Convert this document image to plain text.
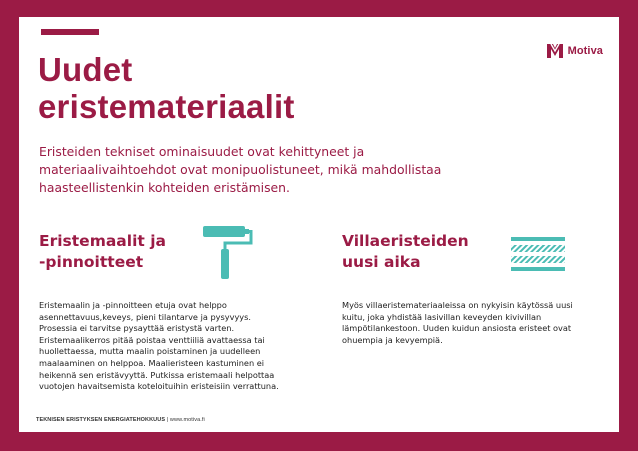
Motiva
Uudet
eristemateriaalit

Eristeiden tekniset ominaisuudet ovat kehittyneet ja materiaalivaihtoehdot ovat monipuolistuneet, mikä mahdollistaa haasteellistenkin kohteiden eristämisen.

Eristemaalit ja
-pinnoitteet

Eristemaalin ja -pinnoitteen etuja ovat helppo asennettavuus,keveys, pieni tilantarve ja pysyvyys. Prosessia ei tarvitse pysayttää eristystä varten. Eristemaalikerros pitää poistaa venttiiliä avattaessa tai huollettaessa, mutta maalin poistaminen ja uudelleen maalaaminen on helppoa. Maalieristeen kastuminen ei heikennä sen eristävyyttä. Putkissa eristemaali helpottaa vuotojen havaitsemista koteloituihin eristeisiin verrattuna.

Villaeristeiden
uusi aika

Myös villaeristemateriaaleissa on nykyisin käytössä uusi kuitu, joka yhdistää lasivillan keveyden kivivillan lämpötilankestoon. Uuden kuidun ansiosta eristeet ovat ohuempia ja kevyempiä.

TEKNISEN ERISTYKSEN ENERGIATEHOKKUUS | www.motiva.fi
